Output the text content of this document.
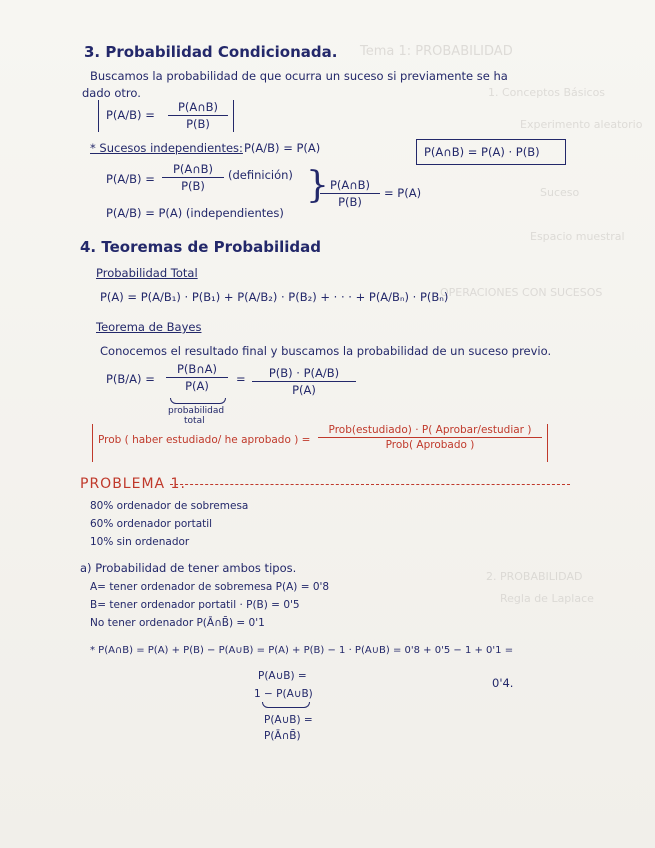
Tema 1: PROBABILIDAD
1. Conceptos Básicos
Experimento aleatorio
Suceso
Espacio muestral
OPERACIONES CON SUCESOS
2. PROBABILIDAD
Regla de Laplace
3. Probabilidad Condicionada.
Buscamos la probabilidad de que ocurra un suceso si previamente se ha
dado otro.
$P(A/B) = \frac{P(A\cap B)}{P(B)}$
* Sucesos independientes: P(A/B) = P(A)	P(A∩B) = P(A) · P(B)
$P(A/B) = \frac{P(A\cap B)}{P(B)}$ (definición)
P(A/B) = P(A) (independientes)
}
$\frac{P(A\cap B)}{P(B)} = P(A)$
4. Teoremas de Probabilidad
Probabilidad Total
P(A) = P(A/B₁) · P(B₁) + P(A/B₂) · P(B₂) + · · · + P(A/Bₙ) · P(Bₙ)
Teorema de Bayes
Conocemos el resultado final y buscamos la probabilidad de un suceso previo.
$P(B/A) = \frac{P(B\cap A)}{P(A)}$
probabilidad
total
= $\frac{P(B) \cdot P(A/B)}{P(A)}$
Prob ( haber estudiado/ he aprobado ) =
Prob(estudiado) · P( Aprobar/estudiar )
Prob( Aprobado )
PROBLEMA 1.
80% ordenador de sobremesa
60% ordenador portatil
10% sin ordenador
a) Probabilidad de tener ambos tipos.
A= tener ordenador de sobremesa P(A) = 0'8
B= tener ordenador portatil · P(B) = 0'5
No tener ordenador P(Ā∩B̄) = 0'1
* P(A∩B) = P(A) + P(B) − P(A∪B) = P(A) + P(B) − 1 · P(A∪B) = 0'8 + 0'5 − 1 + 0'1 =
0'4.
P(A∪B) =
1 − P(A∪B)
P(A∪B) =
P(Ā∩B̄)
